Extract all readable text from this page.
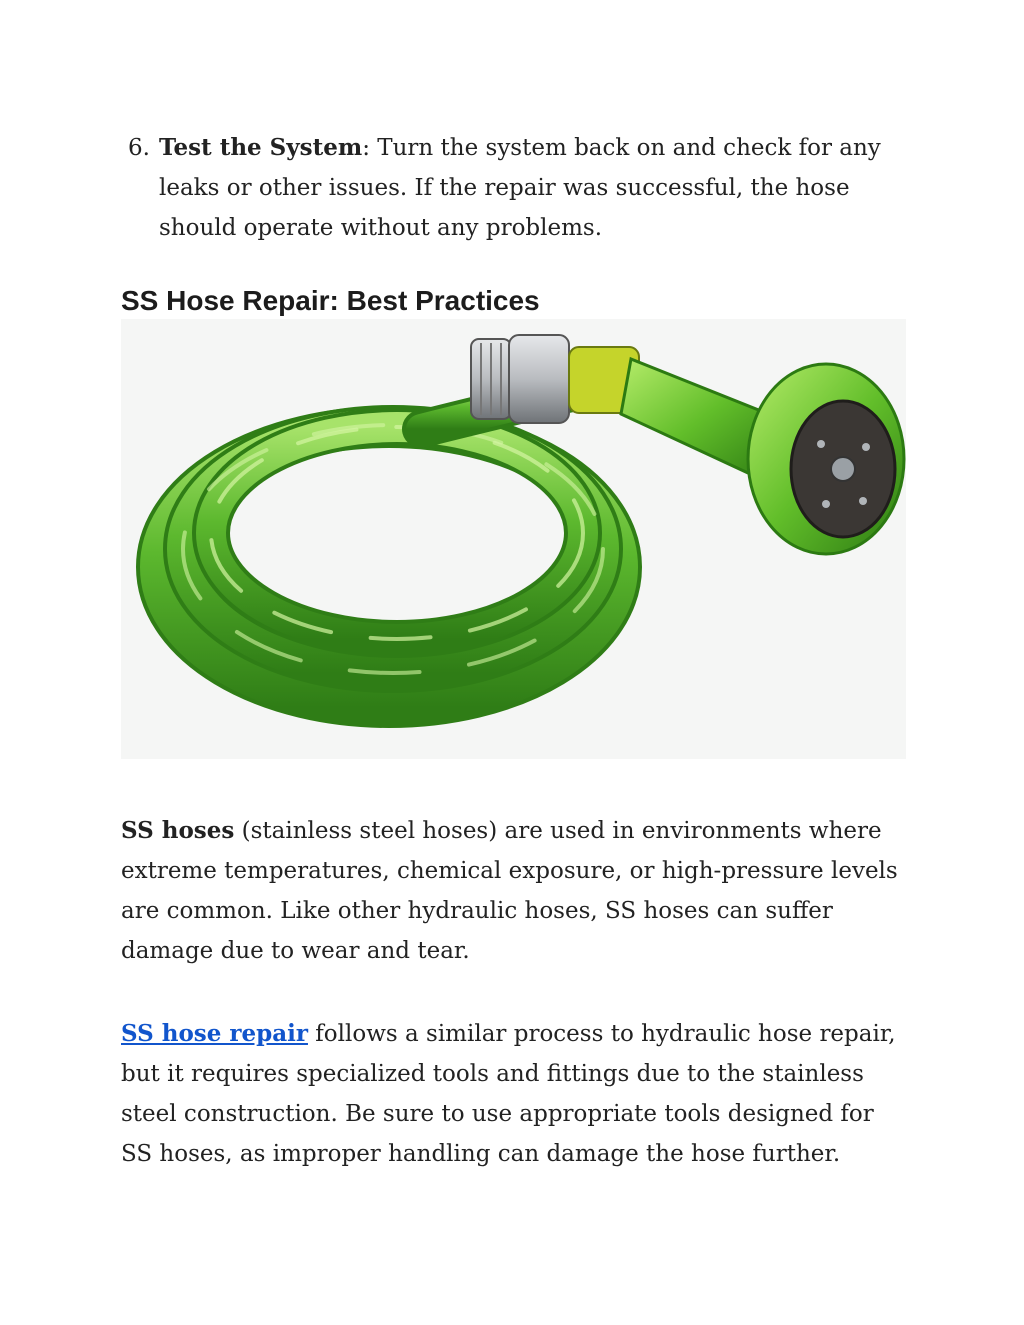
6. Test the System: Turn the system back on and check for any leaks or other issues. If the repair was successful, the hose should operate without any problems.
SS Hose Repair: Best Practices

SS hoses (stainless steel hoses) are used in environments where extreme temperatures, chemical exposure, or high-pressure levels are common. Like other hydraulic hoses, SS hoses can suffer damage due to wear and tear.

SS hose repair follows a similar process to hydraulic hose repair, but it requires specialized tools and fittings due to the stainless steel construction. Be sure to use appropriate tools designed for SS hoses, as improper handling can damage the hose further.
